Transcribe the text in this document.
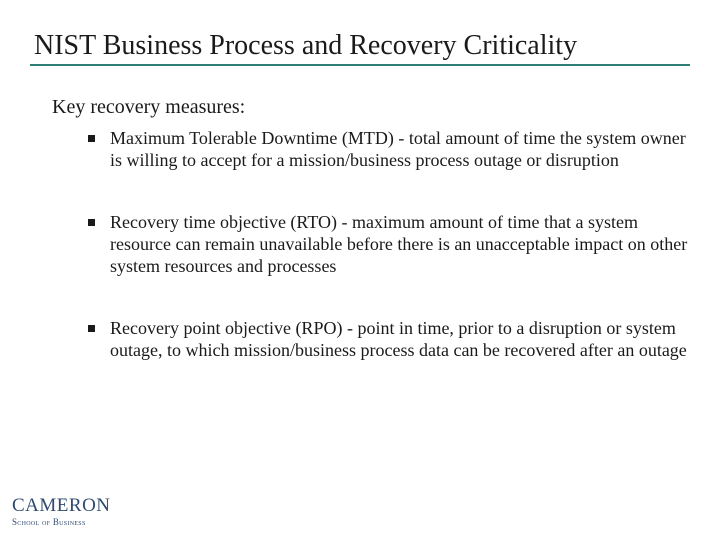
NIST Business Process and Recovery Criticality
Key recovery measures:
Maximum Tolerable Downtime (MTD) - total amount of time the system owner is willing to accept for a mission/business process outage or disruption
Recovery time objective (RTO) - maximum amount of time that a system resource can remain unavailable before there is an unacceptable impact on other system resources and processes
Recovery point objective (RPO) - point in time, prior to a disruption or system outage, to which mission/business process data can be recovered after an outage
CAMERON
School of Business
